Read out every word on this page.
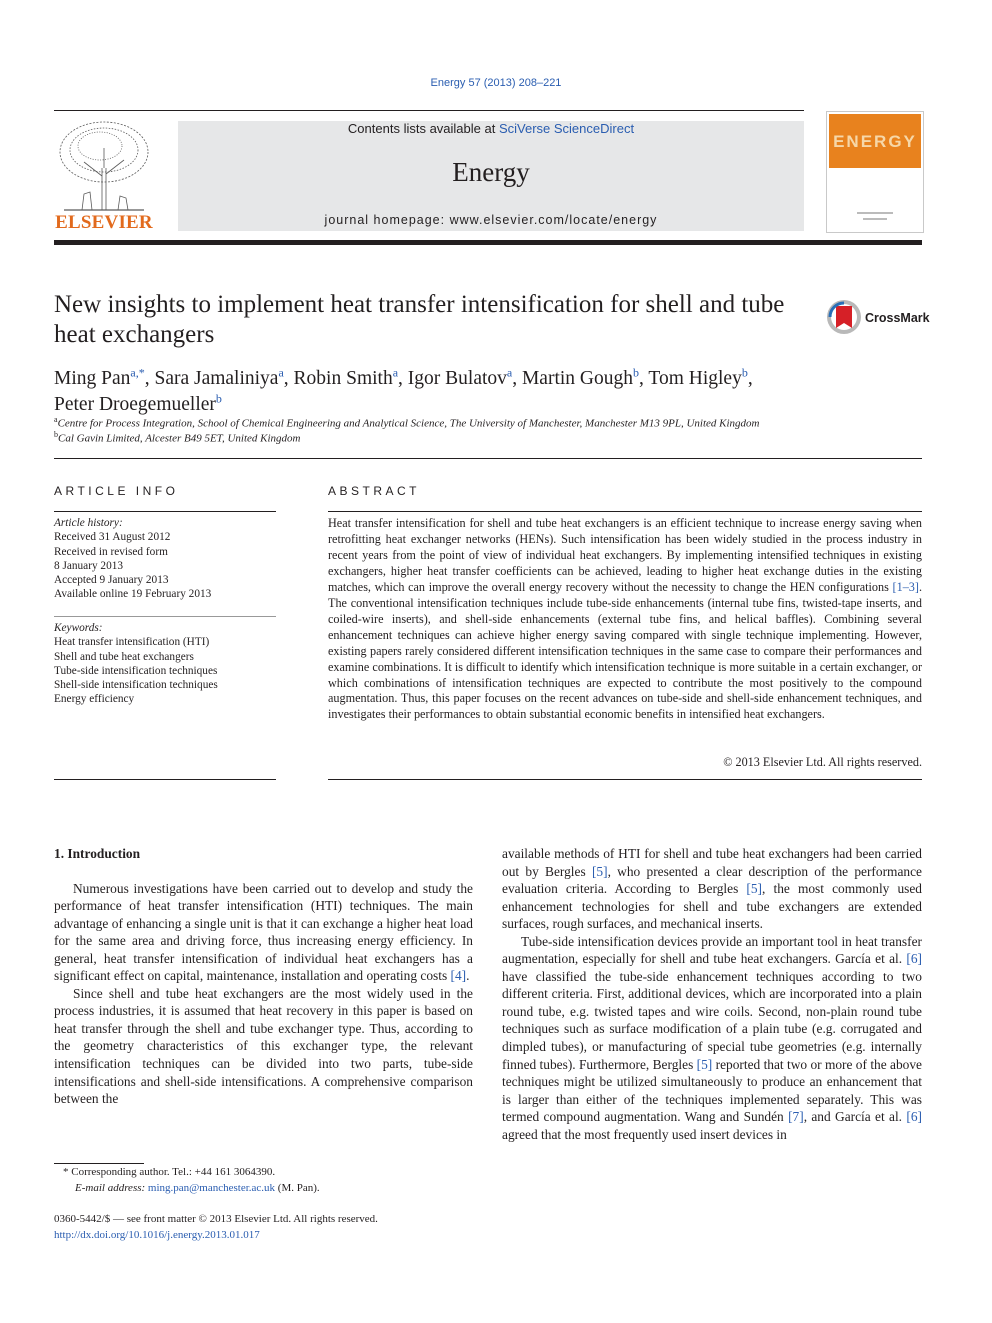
Energy 57 (2013) 208–221
ELSEVIER
Contents lists available at SciVerse ScienceDirect
Energy
journal homepage: www.elsevier.com/locate/energy
ENERGY
New insights to implement heat transfer intensification for shell and tube heat exchangers
CrossMark
Ming Pan$^{a,*}$, Sara Jamaliniya$^a$, Robin Smith$^a$, Igor Bulatov$^a$, Martin Gough$^b$, Tom Higley$^b$,
Peter Droegemueller$^b$
$^a$Centre for Process Integration, School of Chemical Engineering and Analytical Science, The University of Manchester, Manchester M13 9PL, United Kingdom
$^b$Cal Gavin Limited, Alcester B49 5ET, United Kingdom
ARTICLE INFO
Article history:
Received 31 August 2012
Received in revised form
8 January 2013
Accepted 9 January 2013
Available online 19 February 2013
Keywords:
Heat transfer intensification (HTI)
Shell and tube heat exchangers
Tube-side intensification techniques
Shell-side intensification techniques
Energy efficiency
ABSTRACT
Heat transfer intensification for shell and tube heat exchangers is an efficient technique to increase energy saving when retrofitting heat exchanger networks (HENs). Such intensification has been widely studied in the process industry in recent years from the point of view of individual heat exchangers. By implementing intensified techniques in existing exchangers, higher heat transfer coefficients can be achieved, leading to higher heat exchange duties in the existing matches, which can improve the overall energy recovery without the necessity to change the HEN configurations [1–3]. The conventional intensification techniques include tube-side enhancements (internal tube fins, twisted-tape inserts, and coiled-wire inserts), and shell-side enhancements (external tube fins, and helical baffles). Combining several enhancement techniques can achieve higher energy saving compared with single technique implementing. However, existing papers rarely considered different intensification techniques in the same case to compare their performances and examine combinations. It is difficult to identify which intensification technique is more suitable in a certain exchanger, or which combinations of intensification techniques are expected to contribute the most positively to the compound augmentation. Thus, this paper focuses on the recent advances on tube-side and shell-side enhancement techniques, and investigates their performances to obtain substantial economic benefits in intensified heat exchangers.
© 2013 Elsevier Ltd. All rights reserved.

1. Introduction

Numerous investigations have been carried out to develop and study the performance of heat transfer intensification (HTI) techniques. The main advantage of enhancing a single unit is that it can exchange a higher heat load for the same area and driving force, thus increasing energy efficiency. In general, heat transfer intensification of individual heat exchangers has a significant effect on capital, maintenance, installation and operating costs [4].

Since shell and tube heat exchangers are the most widely used in the process industries, it is assumed that heat recovery in this paper is based on heat transfer through the shell and tube exchanger type. Thus, according to the geometry characteristics of this exchanger type, the relevant intensification techniques can be divided into two parts, tube-side intensifications and shell-side intensifications. A comprehensive comparison between the

available methods of HTI for shell and tube heat exchangers had been carried out by Bergles [5], who presented a clear description of the performance evaluation criteria. According to Bergles [5], the most commonly used enhancement technologies for shell and tube exchangers are extended surfaces, rough surfaces, and mechanical inserts.

Tube-side intensification devices provide an important tool in heat transfer augmentation, especially for shell and tube heat exchangers. García et al. [6] have classified the tube-side enhancement techniques according to two different criteria. First, additional devices, which are incorporated into a plain round tube, e.g. twisted tapes and wire coils. Second, non-plain round tube techniques such as surface modification of a plain tube (e.g. corrugated and dimpled tubes), or manufacturing of special tube geometries (e.g. internally finned tubes). Furthermore, Bergles [5] reported that two or more of the above techniques might be utilized simultaneously to produce an enhancement that is larger than either of the techniques implemented separately. This was termed compound augmentation. Wang and Sundén [7], and García et al. [6] agreed that the most frequently used insert devices in

* Corresponding author. Tel.: +44 161 3064390.
E-mail address: ming.pan@manchester.ac.uk (M. Pan).
0360-5442/$ — see front matter © 2013 Elsevier Ltd. All rights reserved.
http://dx.doi.org/10.1016/j.energy.2013.01.017
